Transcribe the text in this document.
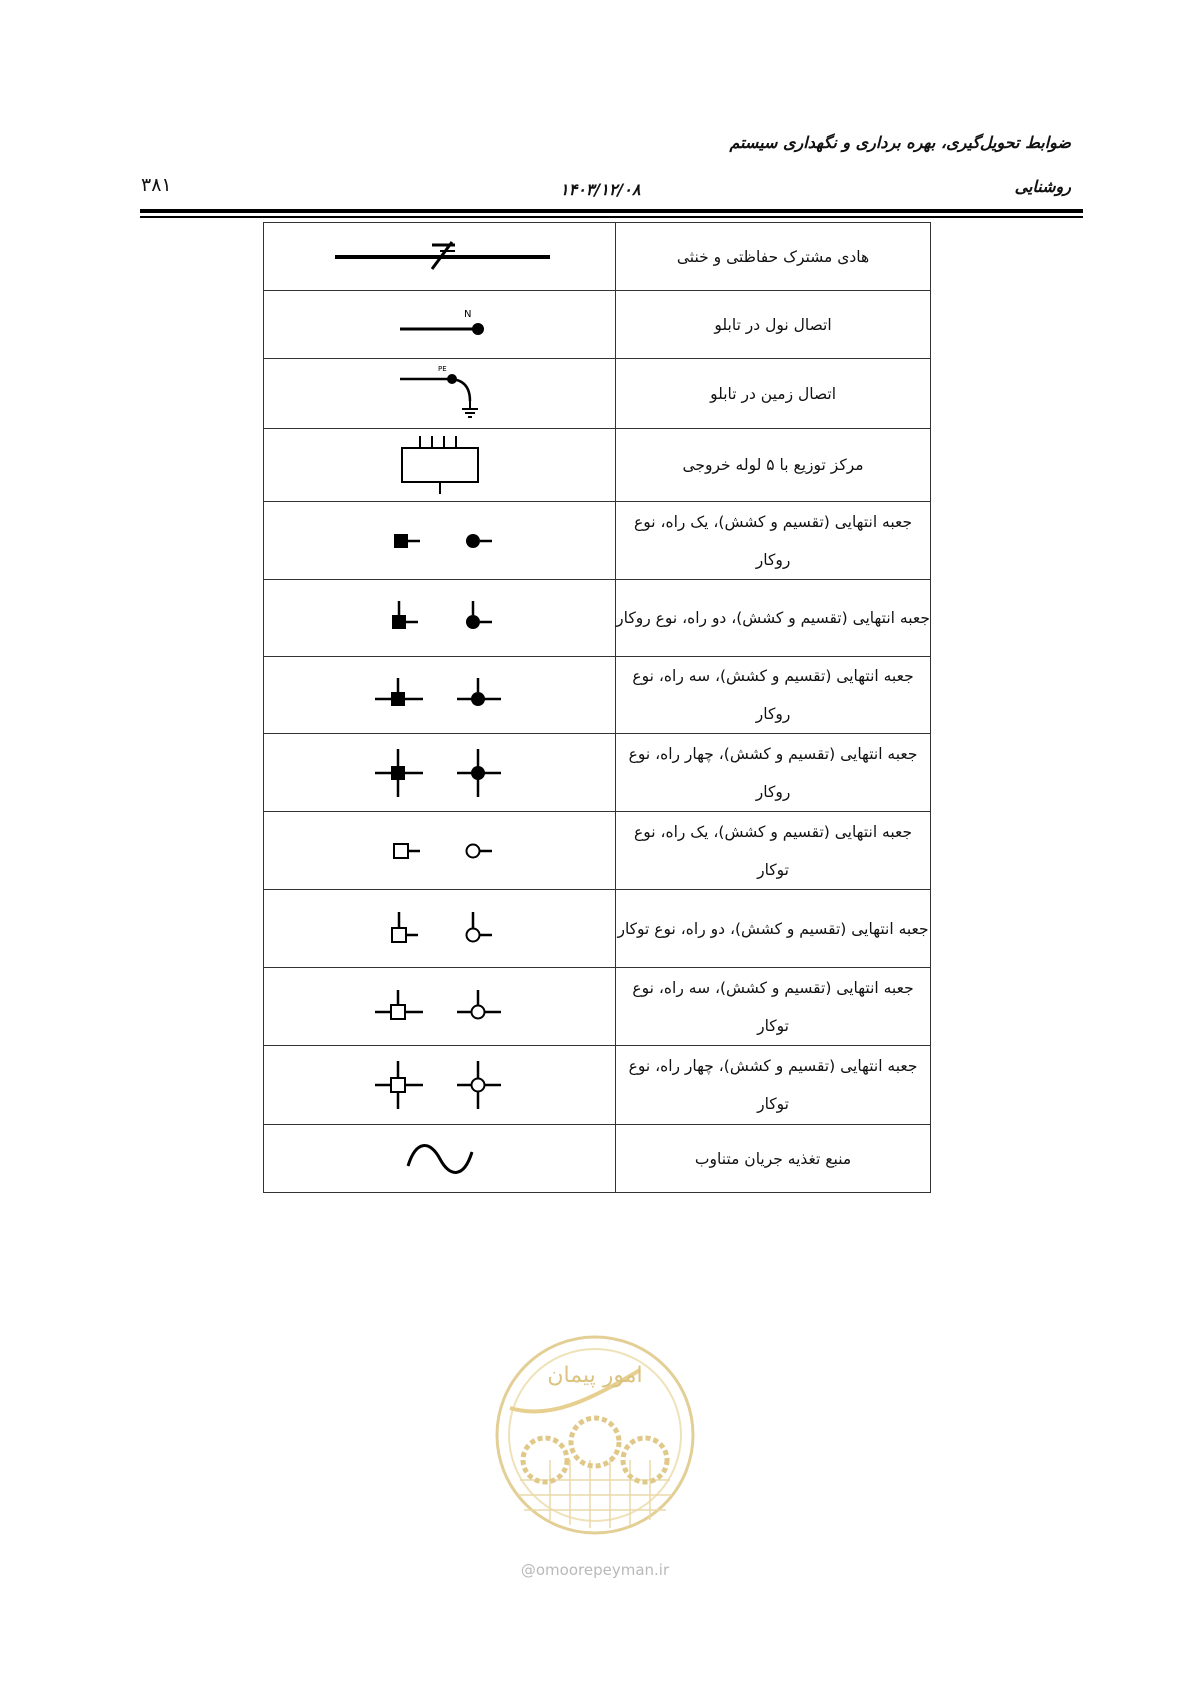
ضوابط تحویل‌گیری، بهره برداری و نگهداری سیستم
روشنایی
۱۴۰۳/۱۲/۰۸
۳۸۱
	هادی مشترک حفاظتی و خنثی

N	اتصال نول در تابلو

PE	اتصال زمین در تابلو

	مرکز توزیع با ۵ لوله خروجی

	جعبه انتهایی (تقسیم و کشش)، یک راه، نوع روکار

	جعبه انتهایی (تقسیم و کشش)، دو راه، نوع روکار

	جعبه انتهایی (تقسیم و کشش)، سه راه، نوع روکار

	جعبه انتهایی (تقسیم و کشش)، چهار راه، نوع روکار

	جعبه انتهایی (تقسیم و کشش)، یک راه، نوع توکار

	جعبه انتهایی (تقسیم و کشش)، دو راه، نوع توکار

	جعبه انتهایی (تقسیم و کشش)، سه راه، نوع توکار

	جعبه انتهایی (تقسیم و کشش)، چهار راه، نوع توکار

	منبع تغذیه جریان متناوب
امور پیمان
@omoorepeyman.ir
